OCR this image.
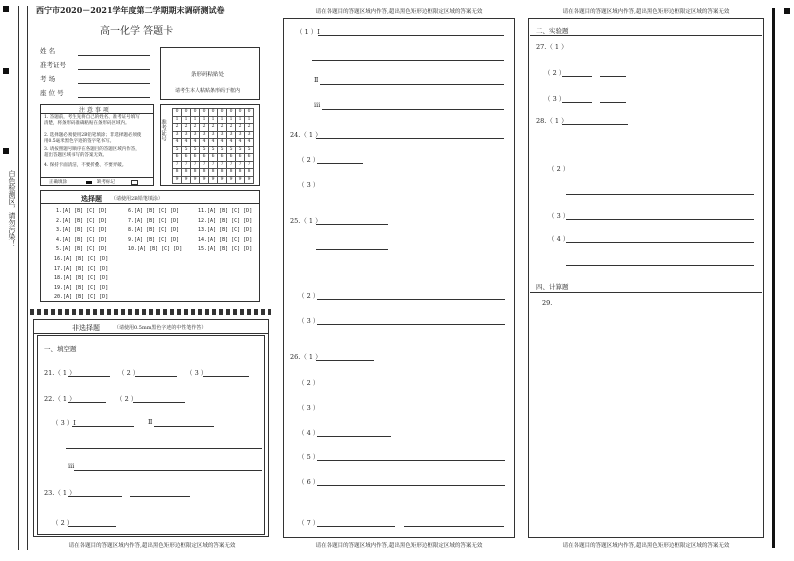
白色检测区，请勿污染！
西宁市2020－2021学年度第二学期期末调研测试卷
高一化学 答题卡
姓 名
准考证号
考 场
座 位 号
条形码粘贴处
请考生本人粘贴条形码于框内
注 意 事 项
1. 答题前，考生先将自己的姓名、准考证号填写清楚，将条形码准确粘贴在条形码区域内。
2. 选择题必须使用2B铅笔填涂；非选择题必须使用0.5毫米黑色字迹的签字笔书写。
3. 请按照题号顺序在各题目的答题区域内作答，超出答题区域书写的答案无效。
4. 保持卡面清洁，不要折叠、不要弄破。
正确填涂	缺考标记
准考证号
0	0	0	0	0	0	0	0	0
1	1	1	1	1	1	1	1	1
2	2	2	2	2	2	2	2	2
3	3	3	3	3	3	3	3	3
4	4	4	4	4	4	4	4	4
5	5	5	5	5	5	5	5	5
6	6	6	6	6	6	6	6	6
7	7	7	7	7	7	7	7	7
8	8	8	8	8	8	8	8	8
9	9	9	9	9	9	9	9	9
选择题 （请使用2B铅笔填涂）
1.[A] [B] [C] [D]
2.[A] [B] [C] [D]
3.[A] [B] [C] [D]
4.[A] [B] [C] [D]
5.[A] [B] [C] [D]
6.[A] [B] [C] [D]
7.[A] [B] [C] [D]
8.[A] [B] [C] [D]
9.[A] [B] [C] [D]
10.[A] [B] [C] [D]
11.[A] [B] [C] [D]
12.[A] [B] [C] [D]
13.[A] [B] [C] [D]
14.[A] [B] [C] [D]
15.[A] [B] [C] [D]
16.[A] [B] [C] [D]
17.[A] [B] [C] [D]
18.[A] [B] [C] [D]
19.[A] [B] [C] [D]
20.[A] [B] [C] [D]
非选择题	（请使用0.5mm黑色字迹的中性笔作答）
一、填空题
21.（ 1 ）	（ 2 ）	（ 3 ）
22.（ 1 ）	（ 2 ）
（ 3 ）Ⅰ	Ⅱ
ⅲ
23.（ 1 ）
（ 2 ）
请在各题目的答题区域内作答,超出黑色矩形边框限定区域的答案无效
请在各题目的答题区域内作答,超出黑色矩形边框限定区域的答案无效
（ 1 ）Ⅰ
Ⅱ
ⅲ
24.（ 1 ）
（ 2 ）
（ 3 ）
25.（ 1 ）
（ 2 ）
（ 3 ）
26.（ 1 ）
（ 2 ）
（ 3 ）
（ 4 ）
（ 5 ）
（ 6 ）
（ 7 ）
请在各题目的答题区域内作答,超出黑色矩形边框限定区域的答案无效
请在各题目的答题区域内作答,超出黑色矩形边框限定区域的答案无效
二、实验题
27.（ 1 ）
（ 2 ）
（ 3 ）
28.（ 1 ）
（ 2 ）
（ 3 ）
（ 4 ）
四、计算题
29.
请在各题目的答题区域内作答,超出黑色矩形边框限定区域的答案无效
